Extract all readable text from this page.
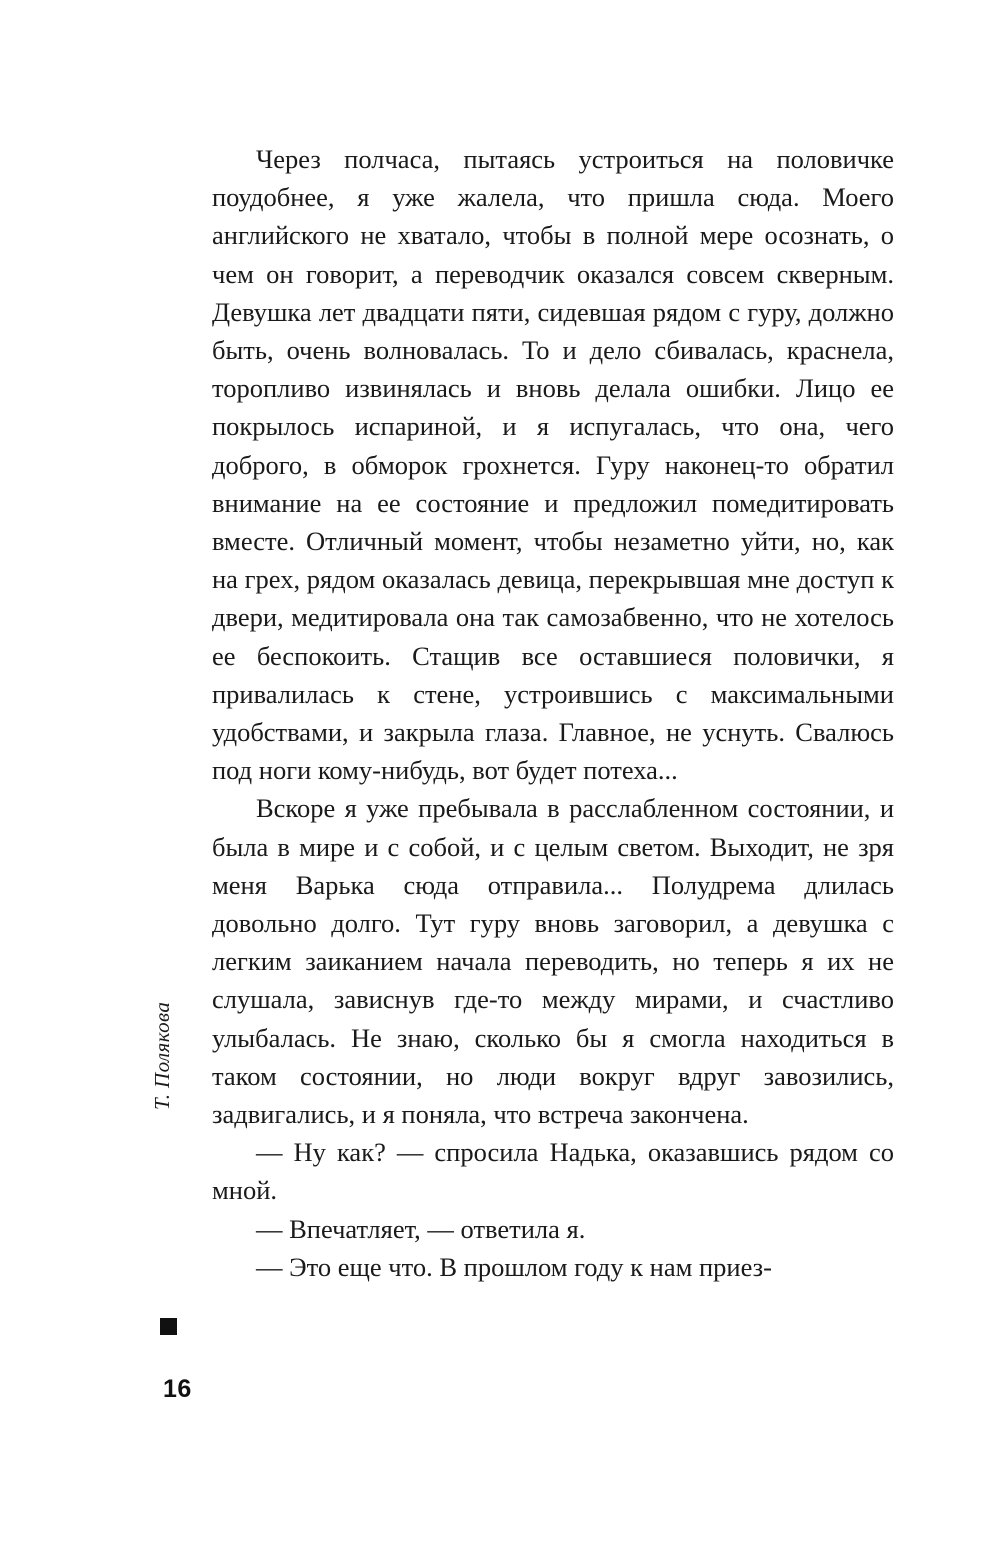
Т. Полякова
16

Через полчаса, пытаясь устроиться на половичке поудобнее, я уже жалела, что пришла сюда. Моего английского не хватало, чтобы в полной мере осознать, о чем он говорит, а переводчик оказался совсем скверным. Девушка лет двадцати пяти, сидевшая рядом с гуру, должно быть, очень волновалась. То и дело сбивалась, краснела, торопливо извинялась и вновь делала ошибки. Лицо ее покрылось испариной, и я испугалась, что она, чего доброго, в обморок грохнется. Гуру наконец-то обратил внимание на ее состояние и предложил помедитировать вместе. Отличный момент, чтобы незаметно уйти, но, как на грех, рядом оказалась девица, перекрывшая мне доступ к двери, медитировала она так самозабвенно, что не хотелось ее беспокоить. Стащив все оставшиеся половички, я привалилась к стене, устроившись с максимальными удобствами, и закрыла глаза. Главное, не уснуть. Свалюсь под ноги кому-нибудь, вот будет потеха...

Вскоре я уже пребывала в расслабленном состоянии, и была в мире и с собой, и с целым светом. Выходит, не зря меня Варька сюда отправила... Полудрема длилась довольно долго. Тут гуру вновь заговорил, а девушка с легким заиканием начала переводить, но теперь я их не слушала, зависнув где-то между мирами, и счастливо улыбалась. Не знаю, сколько бы я смогла находиться в таком состоянии, но люди вокруг вдруг завозились, задвигались, и я поняла, что встреча закончена.

— Ну как? — спросила Надька, оказавшись рядом со мной.

— Впечатляет, — ответила я.

— Это еще что. В прошлом году к нам приез-
